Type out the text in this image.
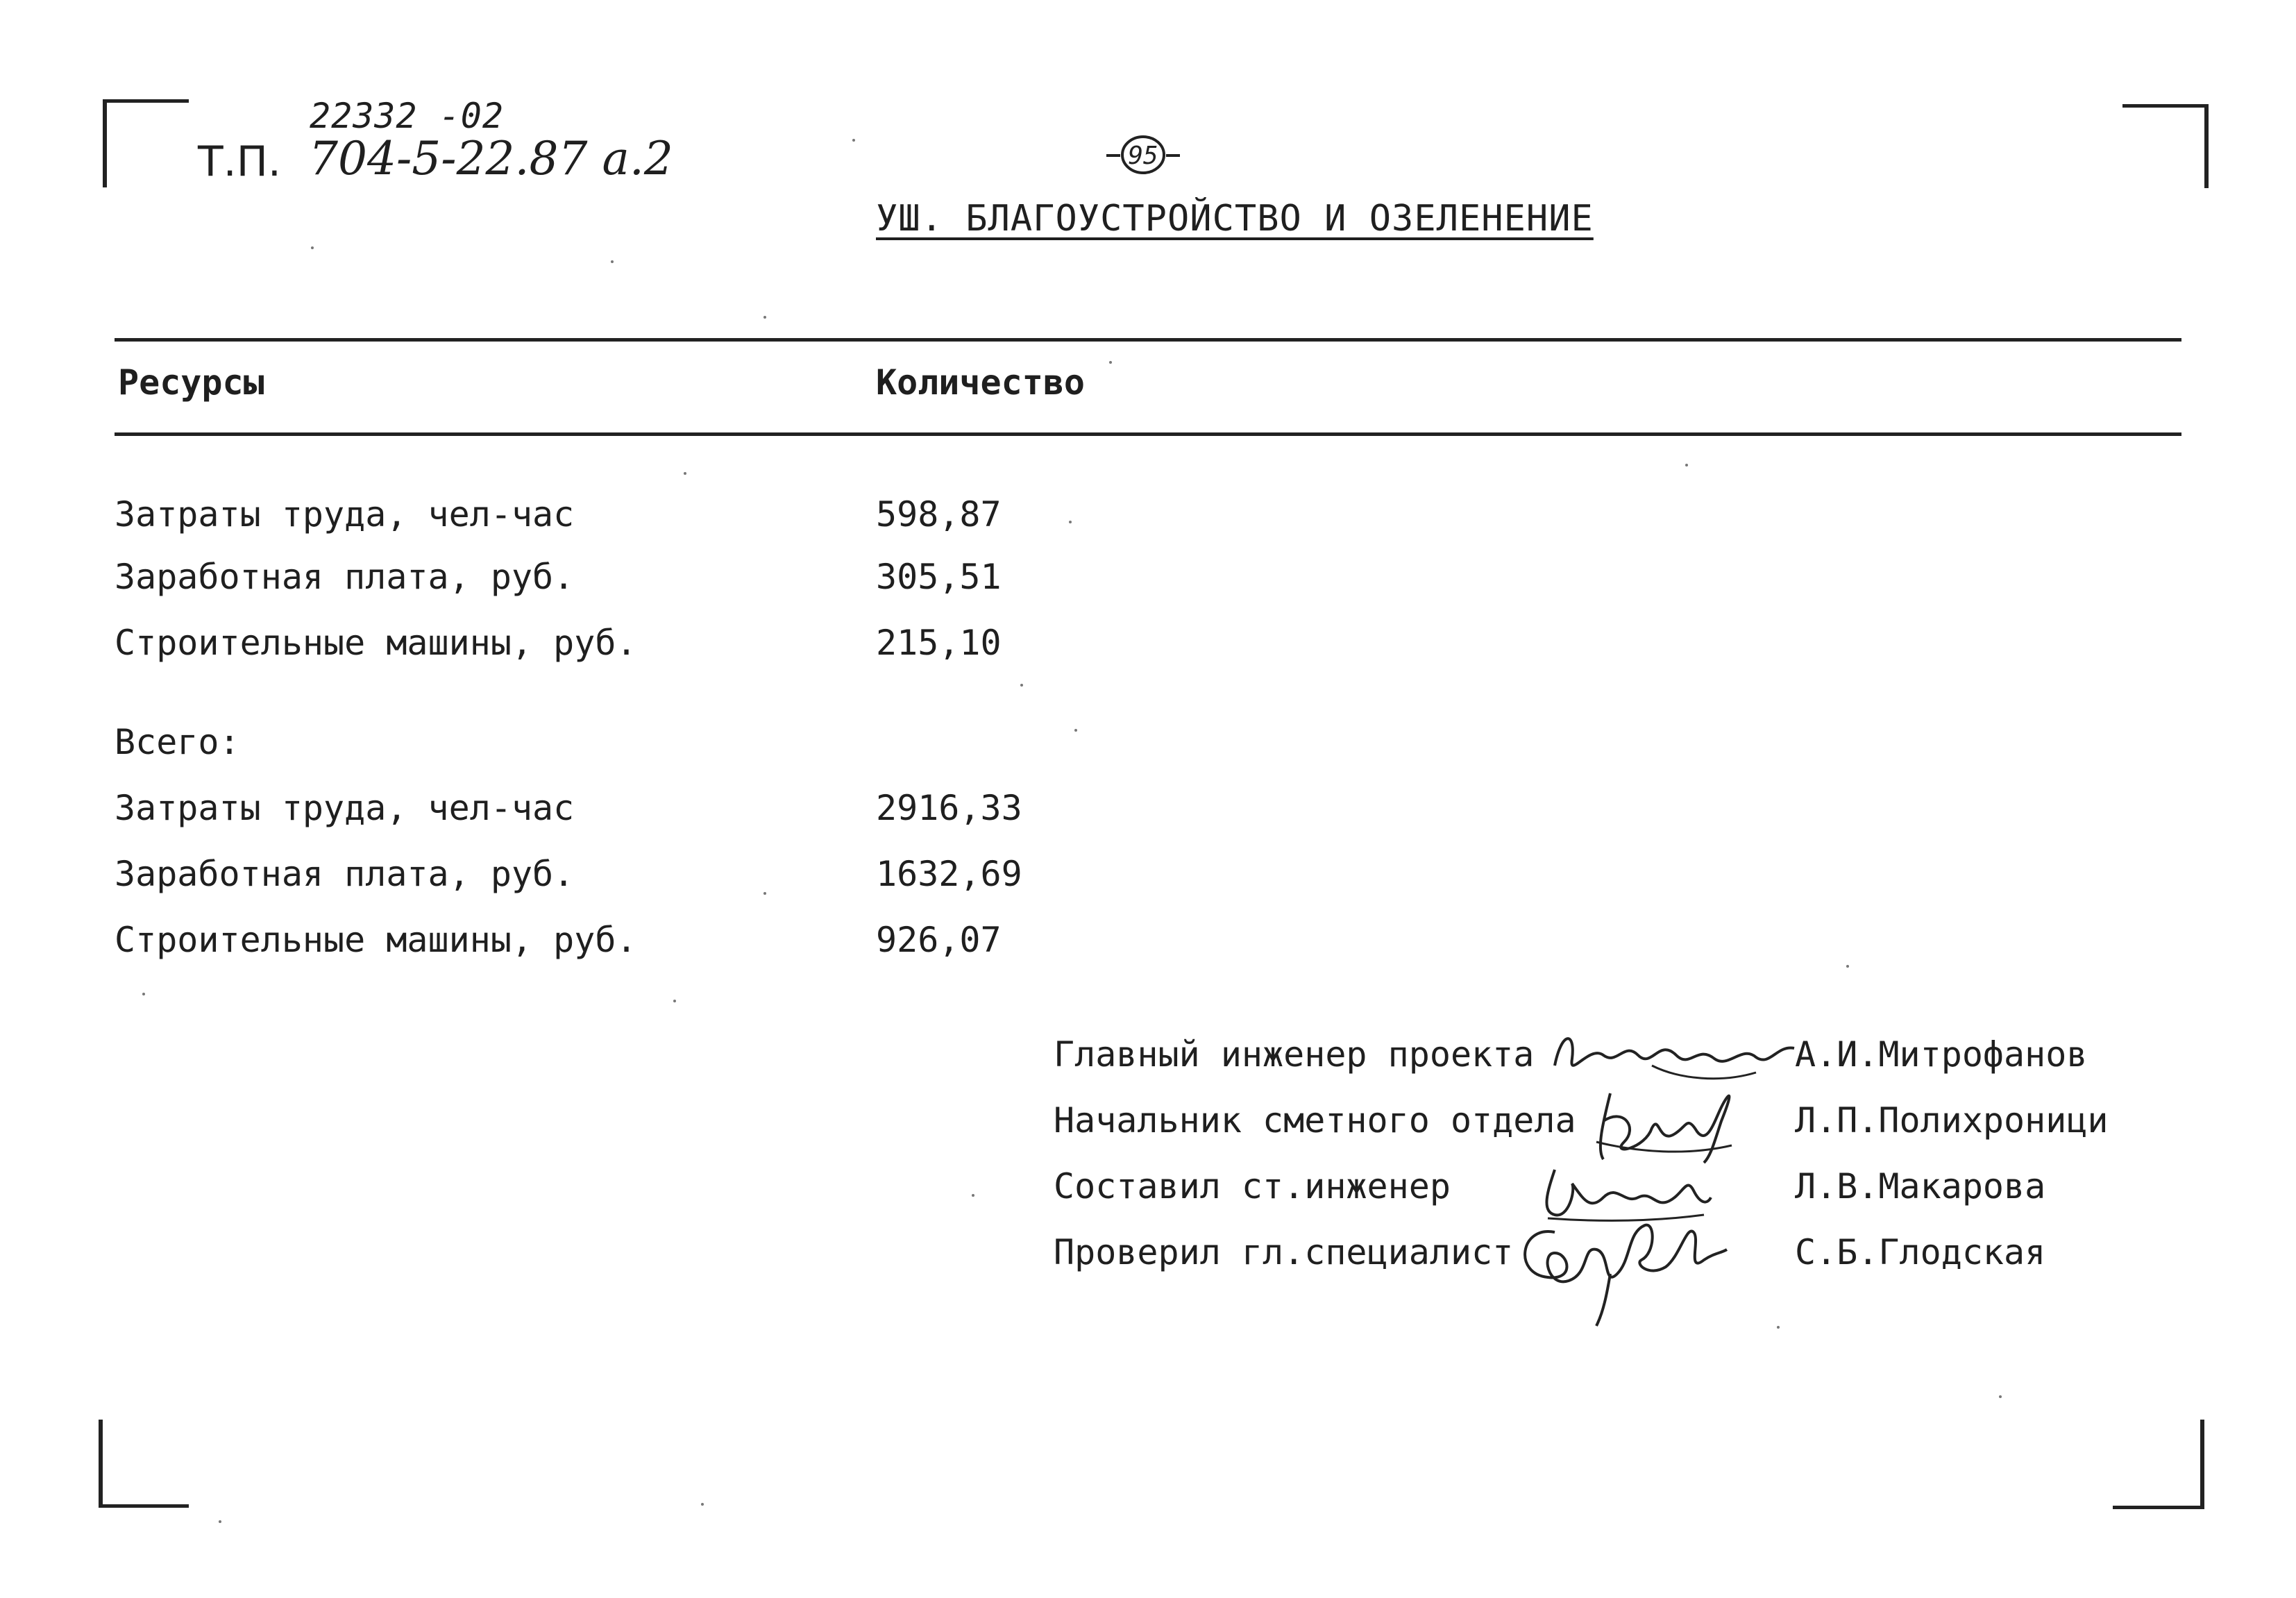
22332 -02
Т.П. 704-5-22.87 а.2	95
УШ. БЛАГОУСТРОЙСТВО И ОЗЕЛЕНЕНИЕ
Ресурсы	Количество
Затраты труда, чел-час	598,87
Заработная плата, руб.	305,51
Строительные машины, руб.	215,10
Всего:
Затраты труда, чел-час	2916,33
Заработная плата, руб.	1632,69
Строительные машины, руб.	926,07
Главный инженер проекта	А.И.Митрофанов
Начальник сметного отдела	Л.П.Полихроници
Составил ст.инженер	Л.В.Макарова
Проверил гл.специалист	С.Б.Глодская
